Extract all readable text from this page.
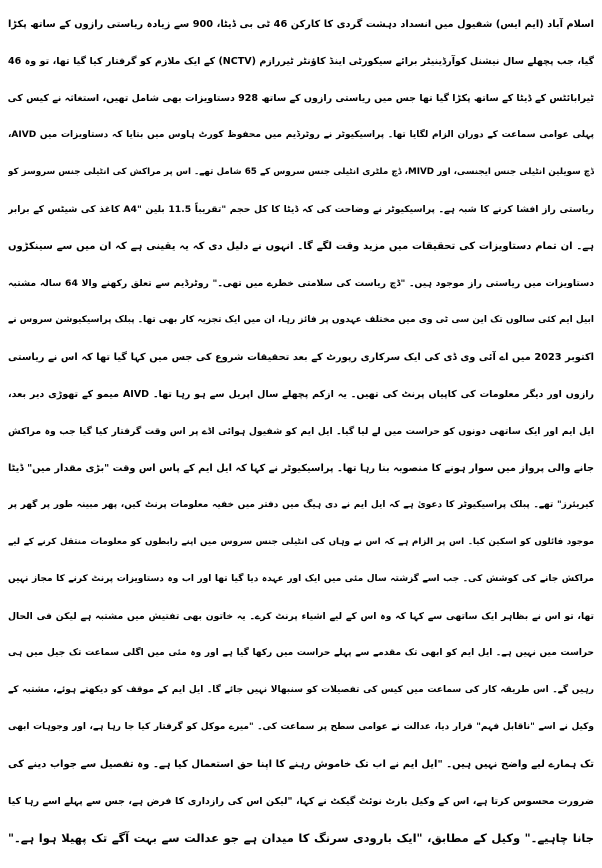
اسلام آباد (ایم ایس) شفیول میں انسداد دہشت گردی کا کارکن 46 ٹی بی ڈیٹا، 900 سے زیادہ ریاستی رازوں کے ساتھ پکڑا
گیا، جب پچھلے سال نیشنل کوآرڈینیٹر برائے سیکورٹی اینڈ کاؤنٹر ٹیررازم (NCTV) کے ایک ملازم کو گرفتار کیا گیا تھا، تو وہ 46
ٹیرابائٹس کے ڈیٹا کے ساتھ پکڑا گیا تھا جس میں ریاستی رازوں کے ساتھ 928 دستاویزات بھی شامل تھیں، استغاثہ نے کیس کی
پہلی عوامی سماعت کے دوران الزام لگایا تھا۔ پراسیکیوٹر نے روٹرڈیم میں محفوظ کورٹ ہاوس میں بتایا کہ دستاویزات میں AIVD،
ڈچ سویلین انٹیلی جنس ایجنسی، اور MIVD، ڈچ ملٹری انٹیلی جنس سروس کے 65 شامل تھے۔ اس پر مراکش کی انٹیلی جنس سروسز کو
ریاستی راز افشا کرنے کا شبہ ہے۔ پراسیکیوٹر نے وضاحت کی کہ ڈیٹا کا کل حجم "تقریباً 11.5 بلین "A4 کاغذ کی شیٹس کے برابر
ہے۔ ان تمام دستاویزات کی تحقیقات میں مزید وقت لگے گا۔ انہوں نے دلیل دی کہ یہ یقینی ہے کہ ان میں سے سینکڑوں
دستاویزات میں ریاستی راز موجود ہیں۔ "ڈچ ریاست کی سلامتی خطرے میں تھی۔" روٹرڈیم سے تعلق رکھنے والا 64 سالہ مشتبہ
ابیل ایم کئی سالوں تک این سی ٹی وی میں مختلف عہدوں پر فائز رہا، ان میں ایک تجزیہ کار بھی تھا۔ پبلک پراسیکیوشن سروس نے
اکتوبر 2023 میں اے آئی وی ڈی کی ایک سرکاری رپورٹ کے بعد تحقیقات شروع کی جس میں کہا گیا تھا کہ اس نے ریاستی
رازوں اور دیگر معلومات کی کاپیاں پرنٹ کی تھیں۔ یہ ازکم پچھلے سال اپریل سے ہو رہا تھا۔ AIVD میمو کے تھوڑی دیر بعد،
ایل ایم اور ایک ساتھی دونوں کو حراست میں لے لیا گیا۔ ایل ایم کو شفیول ہوائی اڈے پر اس وقت گرفتار کیا گیا جب وہ مراکش
جانے والی پرواز میں سوار ہونے کا منصوبہ بنا رہا تھا۔ پراسیکیوٹر نے کہا کہ ایل ایم کے پاس اس وقت "بڑی مقدار میں" ڈیٹا
کیریئرز" تھے۔ پبلک پراسیکیوٹر کا دعویٰ ہے کہ ایل ایم نے دی ہیگ میں دفتر میں خفیہ معلومات پرنٹ کیں، پھر مبینہ طور پر گھر پر
موجود فائلوں کو اسکین کیا۔ اس پر الزام ہے کہ اس نے وہاں کی انٹیلی جنس سروس میں اپنے رابطوں کو معلومات منتقل کرنے کے لیے
مراکش جانے کی کوشش کی۔ جب اسے گزشتہ سال مئی میں ایک اور عہدہ دیا گیا تھا اور اب وہ دستاویزات پرنٹ کرنے کا مجاز نہیں
تھا، تو اس نے بظاہر ایک ساتھی سے کہا کہ وہ اس کے لیے اشیاء پرنٹ کرے۔ یہ خاتون بھی تفتیش میں مشتبہ ہے لیکن فی الحال
حراست میں نہیں ہے۔ ایل ایم کو ابھی تک مقدمے سے پہلے حراست میں رکھا گیا ہے اور وہ مئی میں اگلی سماعت تک جیل میں ہی
رہیں گے۔ اس طریقہ کار کی سماعت میں کیس کی تفصیلات کو سنبھالا نہیں جائے گا۔ ایل ایم کے موقف کو دیکھتے ہوئے، مشتبہ کے
وکیل نے اسے "ناقابل فہم" قرار دیا، عدالت نے عوامی سطح پر سماعت کی۔ "میرے موکل کو گرفتار کیا جا رہا ہے، اور وجوہات ابھی
تک ہمارے لیے واضح نہیں ہیں۔ "ایل ایم نے اب تک خاموش رہنے کا اپنا حق استعمال کیا ہے۔ وہ تفصیل سے جواب دینے کی
ضرورت محسوس کرتا ہے، اس کے وکیل بارٹ نوئٹ گیکٹ نے کہا، "لیکن اس کی رازداری کا فرض ہے، جس سے پہلے اسے رہا کیا
جانا چاہیے۔" وکیل کے مطابق، "ایک بارودی سرنگ کا میدان ہے جو عدالت سے بہت آگے تک پھیلا ہوا ہے۔"
